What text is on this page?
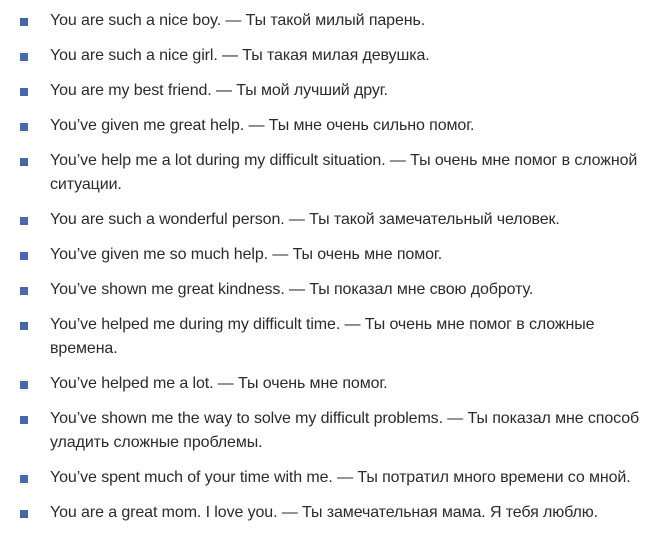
You are such a nice boy. — Ты такой милый парень.
You are such a nice girl. — Ты такая милая девушка.
You are my best friend. — Ты мой лучший друг.
You’ve given me great help. — Ты мне очень сильно помог.
You’ve help me a lot during my difficult situation. — Ты очень мне помог в сложной ситуации.
You are such a wonderful person. — Ты такой замечательный человек.
You’ve given me so much help. — Ты очень мне помог.
You’ve shown me great kindness. — Ты показал мне свою доброту.
You’ve helped me during my difficult time. — Ты очень мне помог в сложные времена.
You’ve helped me a lot. — Ты очень мне помог.
You’ve shown me the way to solve my difficult problems. — Ты показал мне способ уладить сложные проблемы.
You’ve spent much of your time with me. — Ты потратил много времени со мной.
You are a great mom. I love you. — Ты замечательная мама. Я тебя люблю.
